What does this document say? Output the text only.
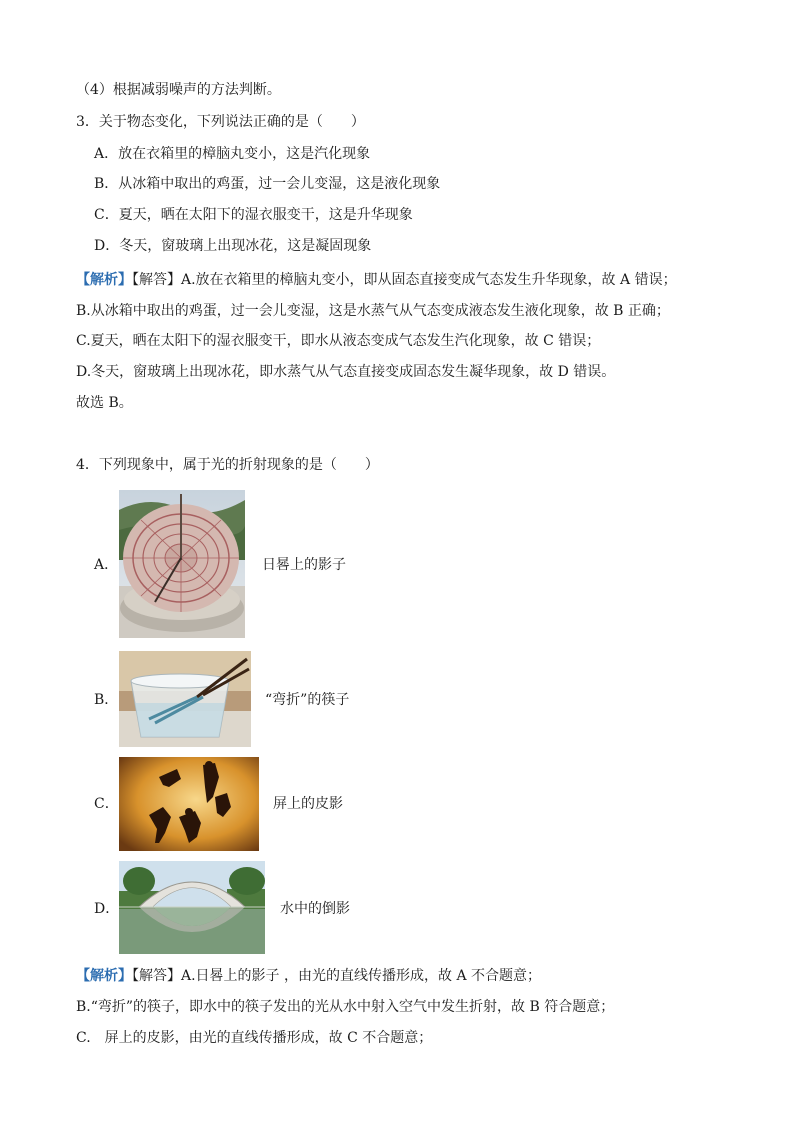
（4）根据减弱噪声的方法判断。
3．关于物态变化，下列说法正确的是（　　）
A．放在衣箱里的樟脑丸变小，这是汽化现象
B．从冰箱中取出的鸡蛋，过一会儿变湿，这是液化现象
C．夏天，晒在太阳下的湿衣服变干，这是升华现象
D．冬天，窗玻璃上出现冰花，这是凝固现象
【解析】【解答】A.放在衣箱里的樟脑丸变小，即从固态直接变成气态发生升华现象，故 A 错误；
B.从冰箱中取出的鸡蛋，过一会儿变湿，这是水蒸气从气态变成液态发生液化现象，故 B 正确；
C.夏天，晒在太阳下的湿衣服变干，即水从液态变成气态发生汽化现象，故 C 错误；
D.冬天，窗玻璃上出现冰花，即水蒸气从气态直接变成固态发生凝华现象，故 D 错误。
故选 B。
4．下列现象中，属于光的折射现象的是（　　）
A．	日晷上的影子
B．	“弯折”的筷子
C．	屏上的皮影
D．	水中的倒影
【解析】【解答】A.日晷上的影子 ，由光的直线传播形成，故 A 不合题意；
B.“弯折”的筷子，即水中的筷子发出的光从水中射入空气中发生折射，故 B 符合题意；
C.　屏上的皮影，由光的直线传播形成，故 C 不合题意；
